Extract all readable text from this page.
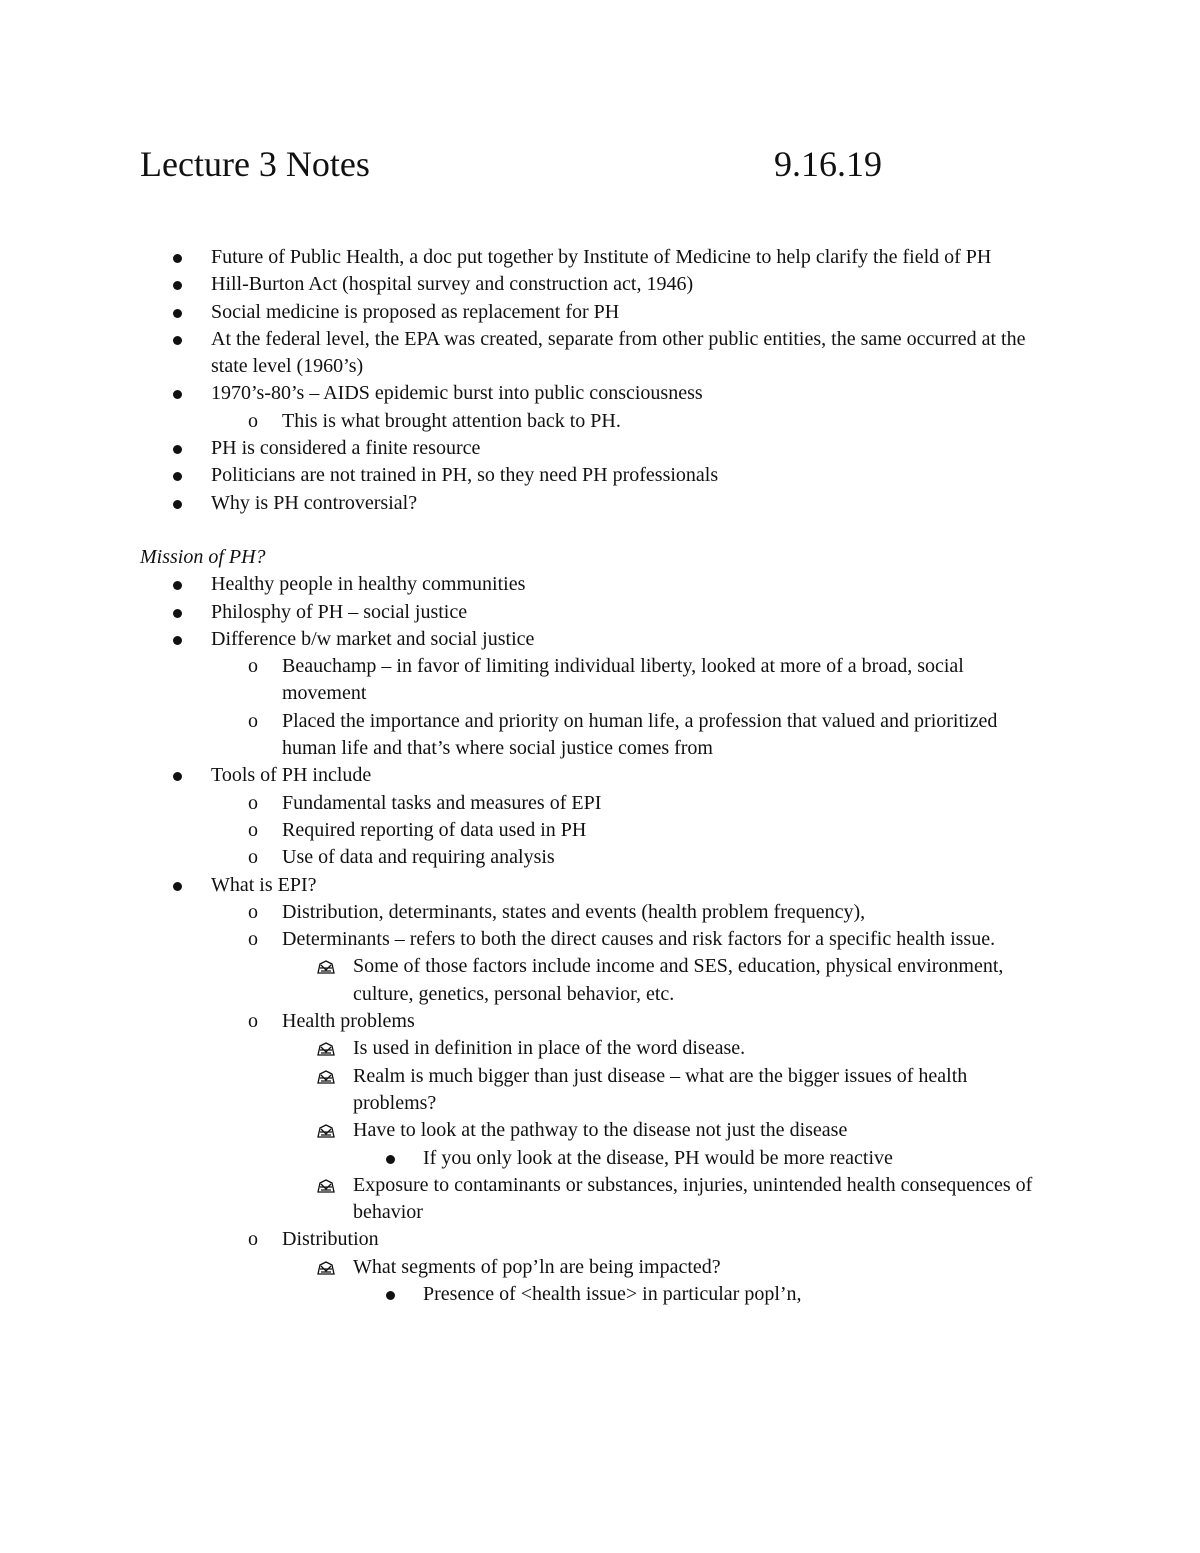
Lecture 3 Notes	9.16.19
Future of Public Health, a doc put together by Institute of Medicine to help clarify the field of PH
Hill-Burton Act (hospital survey and construction act, 1946)
Social medicine is proposed as replacement for PH
At the federal level, the EPA was created, separate from other public entities, the same occurred at the state level (1960’s)
1970’s-80’s – AIDS epidemic burst into public consciousness
o	This is what brought attention back to PH.
PH is considered a finite resource
Politicians are not trained in PH, so they need PH professionals
Why is PH controversial?
Mission of PH?
Healthy people in healthy communities
Philosphy of PH – social justice
Difference b/w market and social justice
o	Beauchamp – in favor of limiting individual liberty, looked at more of a broad, social movement
o	Placed the importance and priority on human life, a profession that valued and prioritized human life and that’s where social justice comes from
Tools of PH include
o	Fundamental tasks and measures of EPI
o	Required reporting of data used in PH
o	Use of data and requiring analysis
What is EPI?
o	Distribution, determinants, states and events (health problem frequency),
o	Determinants – refers to both the direct causes and risk factors for a specific health issue.
Some of those factors include income and SES, education, physical environment, culture, genetics, personal behavior, etc.
o	Health problems
Is used in definition in place of the word disease.
Realm is much bigger than just disease – what are the bigger issues of health problems?
Have to look at the pathway to the disease not just the disease
If you only look at the disease, PH would be more reactive
Exposure to contaminants or substances, injuries, unintended health consequences of behavior
o	Distribution
What segments of pop’ln are being impacted?
Presence of <health issue> in particular popl’n,
